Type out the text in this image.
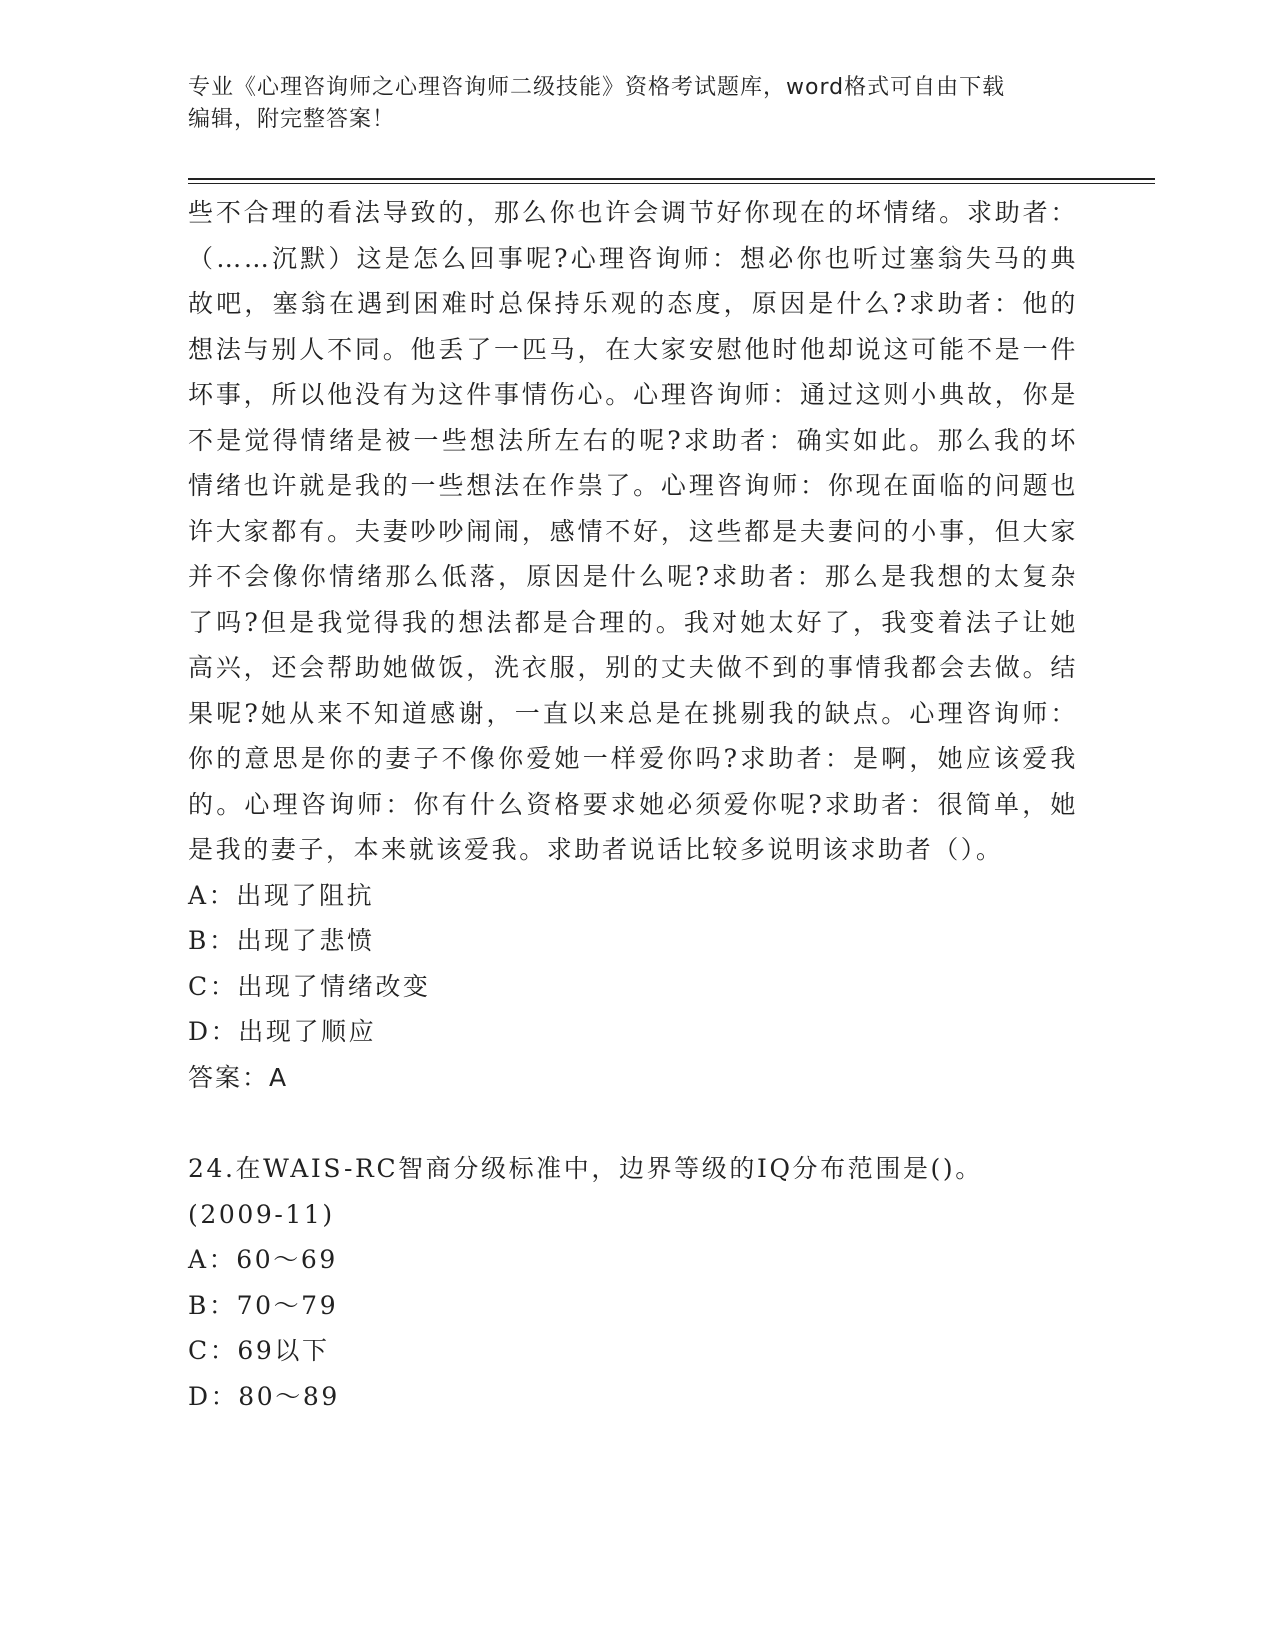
专业《心理咨询师之心理咨询师二级技能》资格考试题库，word格式可自由下载
编辑，附完整答案！

些不合理的看法导致的，那么你也许会调节好你现在的坏情绪。求助者：（……沉默）这是怎么回事呢?心理咨询师：想必你也听过塞翁失马的典故吧，塞翁在遇到困难时总保持乐观的态度，原因是什么?求助者：他的想法与别人不同。他丢了一匹马，在大家安慰他时他却说这可能不是一件坏事，所以他没有为这件事情伤心。心理咨询师：通过这则小典故，你是不是觉得情绪是被一些想法所左右的呢?求助者：确实如此。那么我的坏情绪也许就是我的一些想法在作祟了。心理咨询师：你现在面临的问题也许大家都有。夫妻吵吵闹闹，感情不好，这些都是夫妻问的小事，但大家并不会像你情绪那么低落，原因是什么呢?求助者：那么是我想的太复杂了吗?但是我觉得我的想法都是合理的。我对她太好了，我变着法子让她高兴，还会帮助她做饭，洗衣服，别的丈夫做不到的事情我都会去做。结果呢?她从来不知道感谢，一直以来总是在挑剔我的缺点。心理咨询师：你的意思是你的妻子不像你爱她一样爱你吗?求助者：是啊，她应该爱我的。心理咨询师：你有什么资格要求她必须爱你呢?求助者：很简单，她是我的妻子，本来就该爱我。求助者说话比较多说明该求助者（）。

A：出现了阻抗

B：出现了悲愤

C：出现了情绪改变

D：出现了顺应

答案：A

24.在WAIS-RC智商分级标准中，边界等级的IQ分布范围是()。

(2009-11)

A：60～69

B：70～79

C：69以下

D：80～89
